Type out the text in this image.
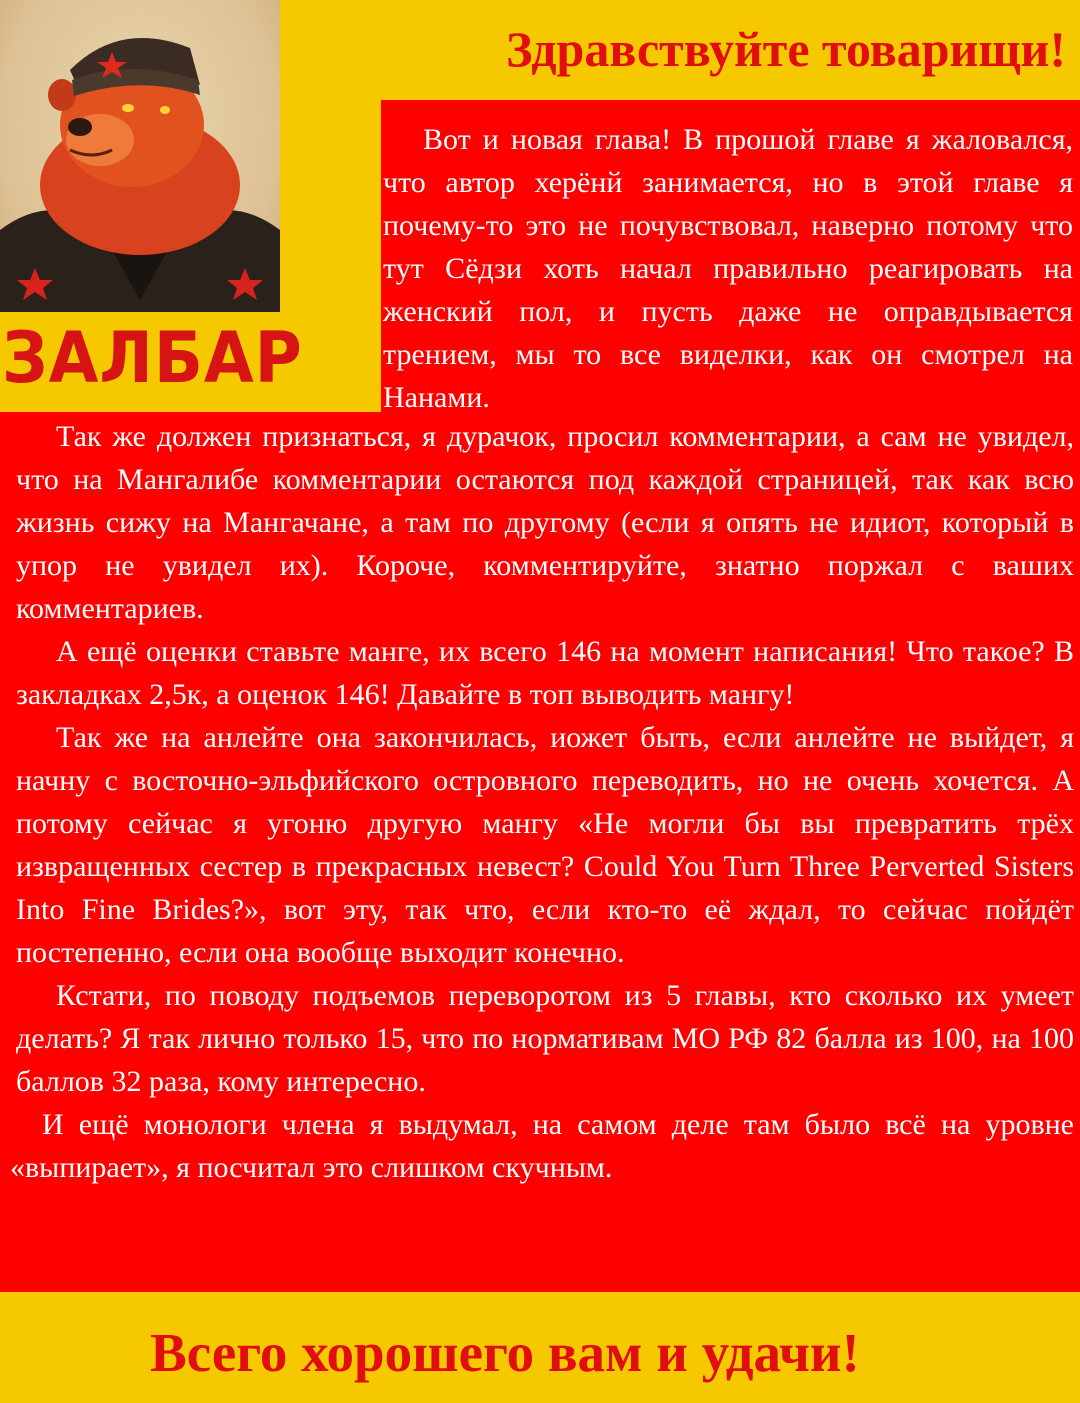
ЗАЛБАР
Здравствуйте товарищи!

Вот и новая глава! В прошой главе я жаловался, что автор херёнй занимается, но в этой главе я почему-то это не почувствовал, наверно потому что тут Сёдзи хоть начал правильно реагировать на женский пол, и пусть даже не оправдывается трением, мы то все виделки, как он смотрел на Нанами.

Так же должен признаться, я дурачок, просил комментарии, а сам не увидел, что на Мангалибе комментарии остаются под каждой страницей, так как всю жизнь сижу на Мангачане, а там по другому (если я опять не идиот, который в упор не увидел их). Короче, комментируйте, знатно поржал с ваших комментариев.

А ещё оценки ставьте манге, их всего 146 на момент написания! Что такое? В закладках 2,5к, а оценок 146! Давайте в топ выводить мангу!

Так же на анлейте она закончилась, иожет быть, если анлейте не выйдет, я начну с восточно-эльфийского островного переводить, но не очень хочется. А потому сейчас я угоню другую мангу «Не могли бы вы превратить трёх извращенных сестер в прекрасных невест? Could You Turn Three Perverted Sisters Into Fine Brides?», вот эту, так что, если кто-то её ждал, то сейчас пойдёт постепенно, если она вообще выходит конечно.

Кстати, по поводу подъемов переворотом из 5 главы, кто сколько их умеет делать? Я так лично только 15, что по нормативам МО РФ 82 балла из 100, на 100 баллов 32 раза, кому интересно.

И ещё монологи члена я выдумал, на самом деле там было всё на уровне «выпирает», я посчитал это слишком скучным.

Всего хорошего вам и удачи!
